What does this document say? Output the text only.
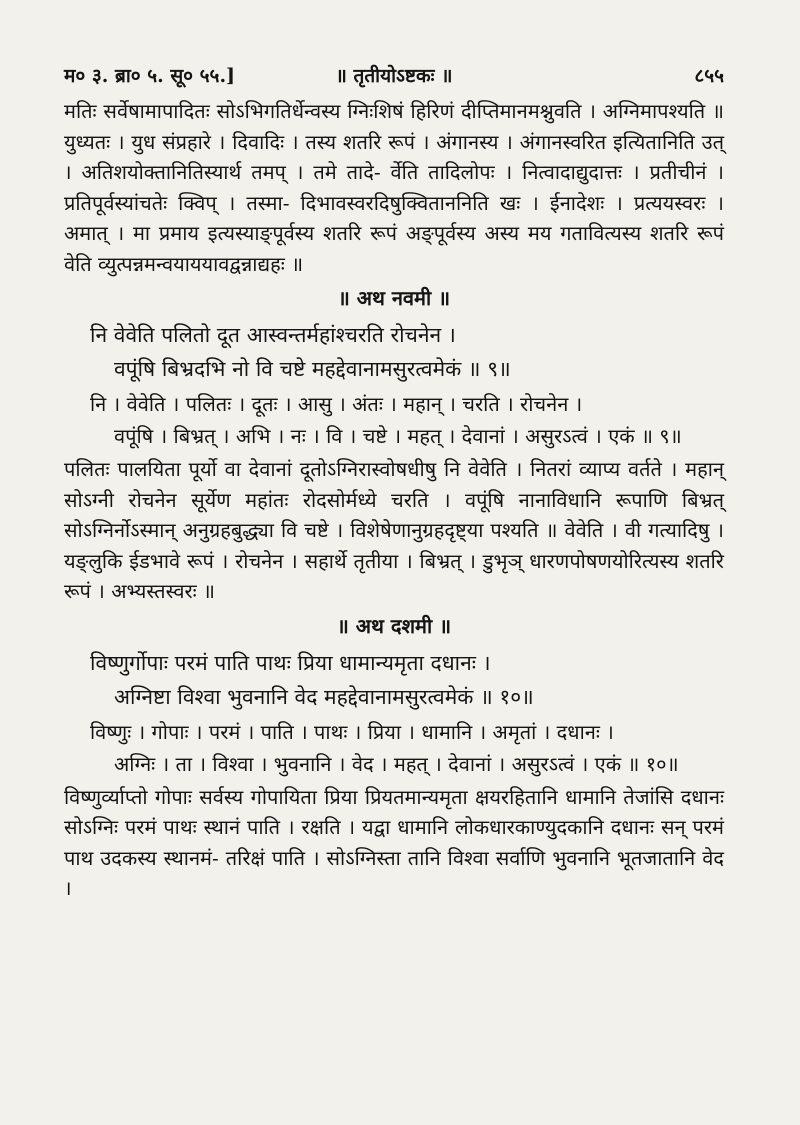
म० ३. ब्रा० ५. सू० ५५.]	॥ तृतीयोऽष्टकः ॥	८५५

मतिः सर्वेषामापादितः सोऽभिगतिर्धेन्वस्य ग्निःशिषं हिरिणं दीप्तिमानमश्नुवति । अग्निमापश्यति ॥ युध्यतः । युध संप्रहारे । दिवादिः । तस्य शतरि रूपं । अंगानस्य । अंगानस्वरित इत्यितानिति उत् । अतिशयोक्तानितिस्यार्थ तमप् । तमे तादे- र्वेति तादिलोपः । नित्वादाद्युदात्तः । प्रतीचीनं । प्रतिपूर्वस्यांचतेः क्विप् । तस्मा- दिभावस्वरदिषुक्विताननिति खः । ईनादेशः । प्रत्ययस्वरः । अमात् । मा प्रमाय इत्यस्याङ्पूर्वस्य शतरि रूपं अङ्पूर्वस्य अस्य मय गतावित्यस्य शतरि रूपं वेति व्युत्पन्नमन्वयाययावद्वन्नाद्यहः ॥

॥ अथ नवमी ॥

नि वेवेति पलितो दूत आस्वन्तर्महांश्चरति रोचनेन ।
वपूंषि बिभ्रदभि नो वि चष्टे महद्देवानामसुरत्वमेकं ॥ ९॥

नि । वेवेति । पलितः । दूतः । आसु । अंतः । महान् । चरति । रोचनेन ।
वपूंषि । बिभ्रत् । अभि । नः । वि । चष्टे । महत् । देवानां । असुरऽत्वं । एकं ॥ ९॥

पलितः पालयिता पूर्यो वा देवानां दूतोऽग्निरास्वोषधीषु नि वेवेति । नितरां व्याप्य वर्तते । महान् सोऽग्नी रोचनेन सूर्येण महांतः रोदसोर्मध्ये चरति । वपूंषि नानाविधानि रूपाणि बिभ्रत् सोऽग्निर्नोऽस्मान् अनुग्रहबुद्ध्या वि चष्टे । विशेषेणानुग्रहदृष्ट्या पश्यति ॥ वेवेति । वी गत्यादिषु । यङ्लुकि ईडभावे रूपं । रोचनेन । सहार्थे तृतीया । बिभ्रत् । डुभृञ् धारणपोषणयोरित्यस्य शतरि रूपं । अभ्यस्तस्वरः ॥

॥ अथ दशमी ॥

विष्णुर्गोपाः परमं पाति पाथः प्रिया धामान्यमृता दधानः ।
अग्निष्टा विश्वा भुवनानि वेद महद्देवानामसुरत्वमेकं ॥ १०॥

विष्णुः । गोपाः । परमं । पाति । पाथः । प्रिया । धामानि । अमृतां । दधानः ।
अग्निः । ता । विश्वा । भुवनानि । वेद । महत् । देवानां । असुरऽत्वं । एकं ॥ १०॥

विष्णुर्व्याप्तो गोपाः सर्वस्य गोपायिता प्रिया प्रियतमान्यमृता क्षयरहितानि धामानि तेजांसि दधानः सोऽग्निः परमं पाथः स्थानं पाति । रक्षति । यद्वा धामानि लोकधारकाण्युदकानि दधानः सन् परमं पाथ उदकस्य स्थानमं- तरिक्षं पाति । सोऽग्निस्ता तानि विश्वा सर्वाणि भुवनानि भूतजातानि वेद ।
